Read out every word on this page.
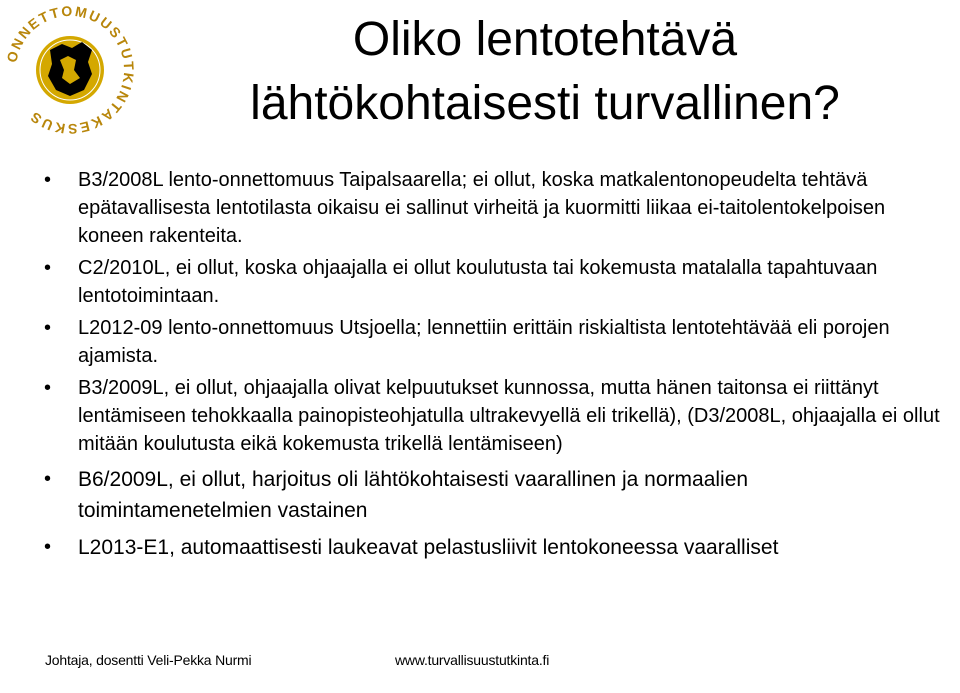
ONNETTOMUUSTUTKINTAKESKUS
Oliko lentotehtävä
lähtökohtaisesti turvallinen?
• B3/2008L lento-onnettomuus Taipalsaarella; ei ollut, koska matkalentonopeudelta tehtävä epätavallisesta lentotilasta oikaisu ei sallinut virheitä ja kuormitti liikaa ei-taitolentokelpoisen koneen rakenteita.
• C2/2010L, ei ollut, koska ohjaajalla ei ollut koulutusta tai kokemusta matalalla tapahtuvaan lentotoimintaan.
• L2012-09 lento-onnettomuus Utsjoella; lennettiin erittäin riskialtista lentotehtävää eli porojen ajamista.
• B3/2009L, ei ollut, ohjaajalla olivat kelpuutukset kunnossa, mutta hänen taitonsa ei riittänyt lentämiseen tehokkaalla painopisteohjatulla ultrakevyellä eli trikellä), (D3/2008L, ohjaajalla ei ollut mitään koulutusta eikä kokemusta trikellä lentämiseen)
• B6/2009L, ei ollut, harjoitus oli lähtökohtaisesti vaarallinen ja normaalien toimintamenetelmien vastainen
• L2013-E1, automaattisesti laukeavat pelastusliivit lentokoneessa vaaralliset
Johtaja, dosentti Veli-Pekka Nurmi	www.turvallisuustutkinta.fi
